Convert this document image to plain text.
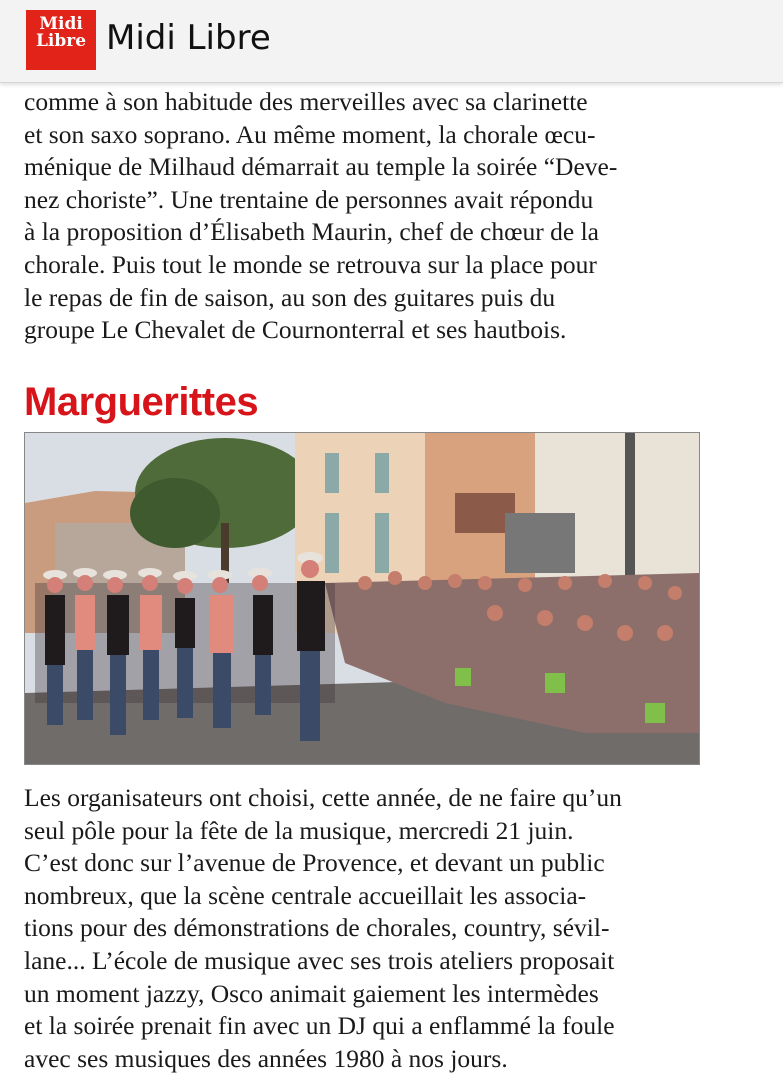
Midi
Libre Midi Libre
comme à son habitude des merveilles avec sa clarinette
et son saxo soprano. Au même moment, la chorale œcu-
ménique de Milhaud démarrait au temple la soirée “Deve-
nez choriste”. Une trentaine de personnes avait répondu
à la proposition d’Élisabeth Maurin, chef de chœur de la
chorale. Puis tout le monde se retrouva sur la place pour
le repas de fin de saison, au son des guitares puis du
groupe Le Chevalet de Cournonterral et ses hautbois.
Marguerittes
Les organisateurs ont choisi, cette année, de ne faire qu’un
seul pôle pour la fête de la musique, mercredi 21 juin.
C’est donc sur l’avenue de Provence, et devant un public
nombreux, que la scène centrale accueillait les associa-
tions pour des démonstrations de chorales, country, sévil-
lane... L’école de musique avec ses trois ateliers proposait
un moment jazzy, Osco animait gaiement les intermèdes
et la soirée prenait fin avec un DJ qui a enflammé la foule
avec ses musiques des années 1980 à nos jours.
